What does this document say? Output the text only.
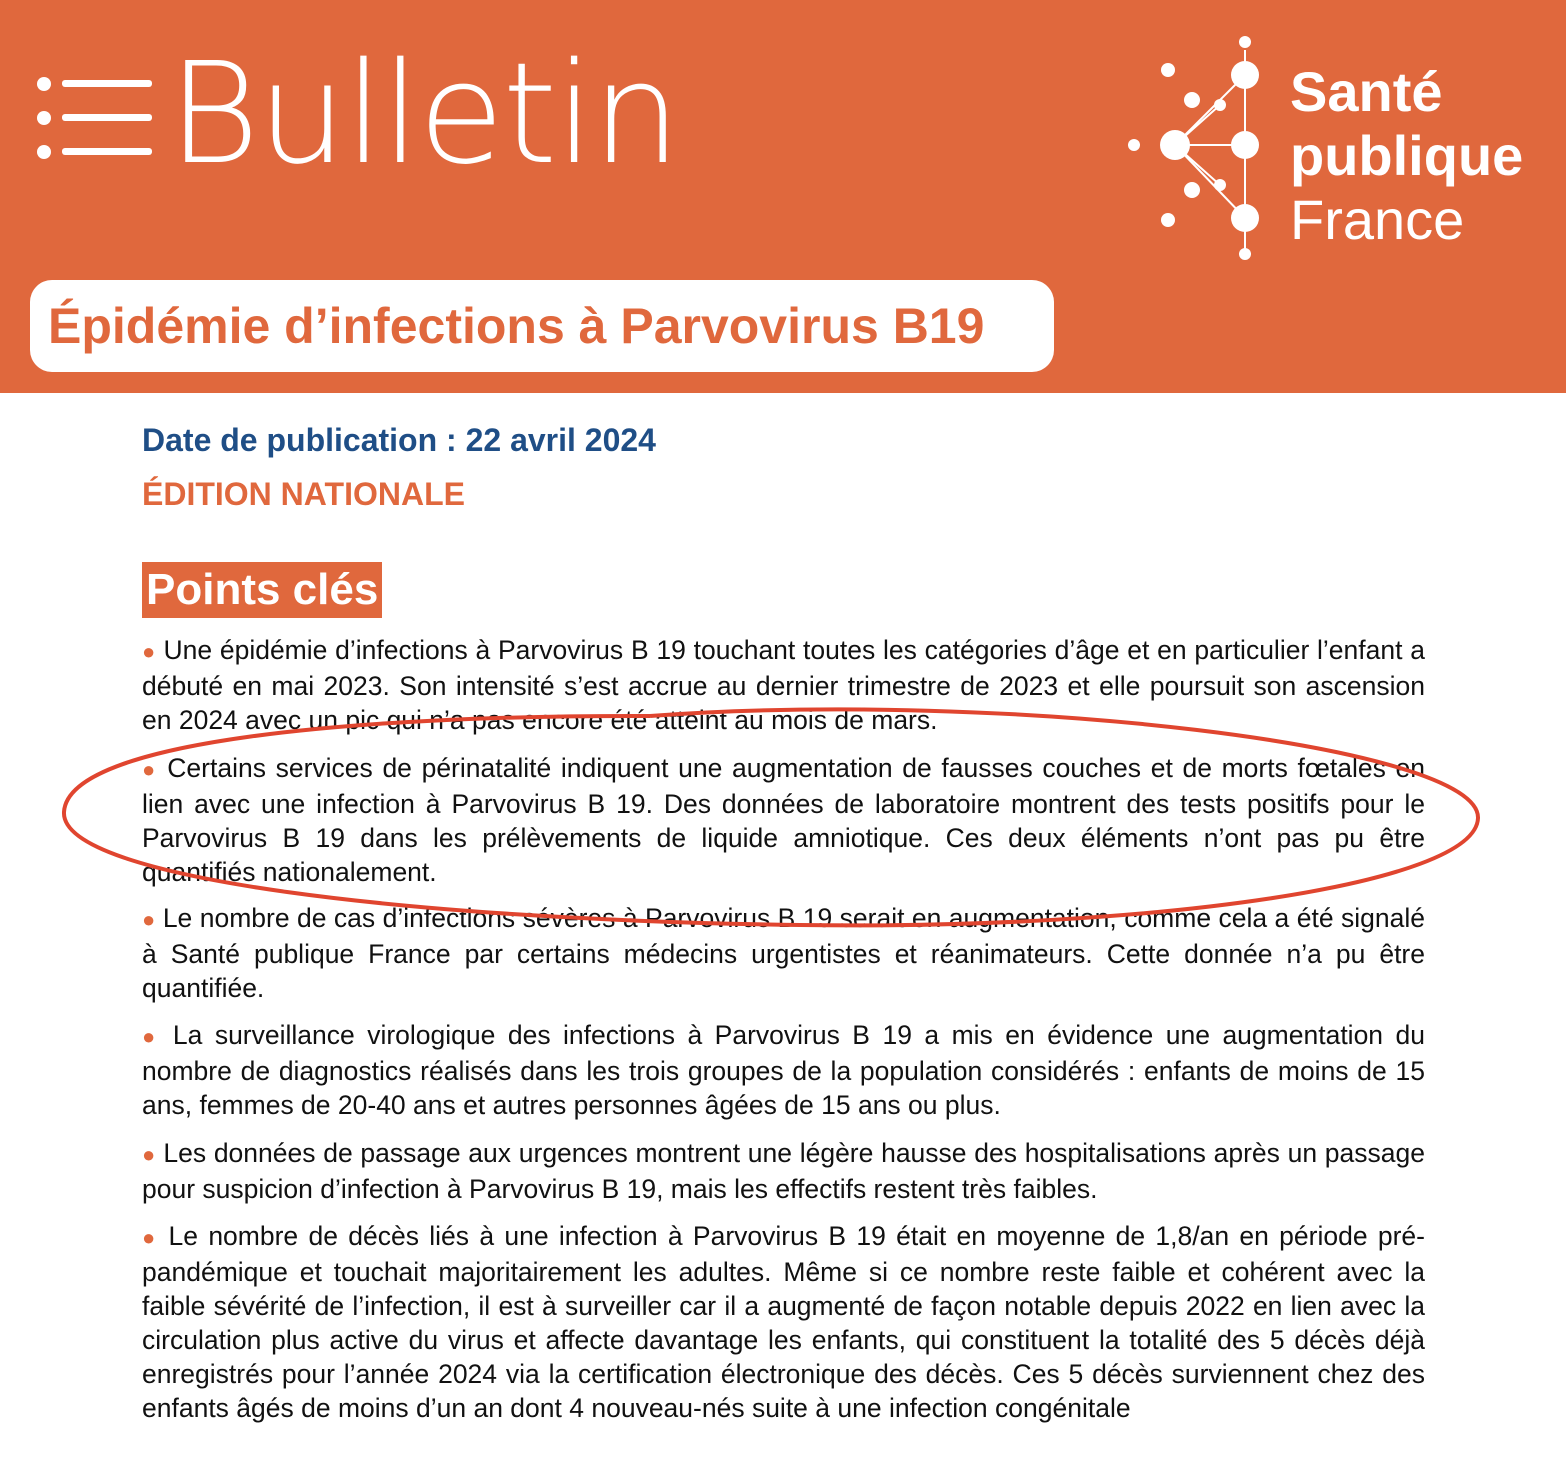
Bulletin	Santé
publique
France
Épidémie d’infections à Parvovirus B19
Date de publication : 22 avril 2024
ÉDITION NATIONALE
Points clés

● Une épidémie d’infections à Parvovirus B 19 touchant toutes les catégories d’âge et en particulier l’enfant a débuté en mai 2023. Son intensité s’est accrue au dernier trimestre de 2023 et elle poursuit son ascension en 2024 avec un pic qui n’a pas encore été atteint au mois de mars.

● Certains services de périnatalité indiquent une augmentation de fausses couches et de morts fœtales en lien avec une infection à Parvovirus B 19. Des données de laboratoire montrent des tests positifs pour le Parvovirus B 19 dans les prélèvements de liquide amniotique. Ces deux éléments n’ont pas pu être quantifiés nationalement.

● Le nombre de cas d’infections sévères à Parvovirus B 19 serait en augmentation, comme cela a été signalé à Santé publique France par certains médecins urgentistes et réanimateurs. Cette donnée n’a pu être quantifiée.

● La surveillance virologique des infections à Parvovirus B 19 a mis en évidence une augmentation du nombre de diagnostics réalisés dans les trois groupes de la population considérés : enfants de moins de 15 ans, femmes de 20-40 ans et autres personnes âgées de 15 ans ou plus.

● Les données de passage aux urgences montrent une légère hausse des hospitalisations après un passage pour suspicion d’infection à Parvovirus B 19, mais les effectifs restent très faibles.

● Le nombre de décès liés à une infection à Parvovirus B 19 était en moyenne de 1,8/an en période pré-pandémique et touchait majoritairement les adultes. Même si ce nombre reste faible et cohérent avec la faible sévérité de l’infection, il est à surveiller car il a augmenté de façon notable depuis 2022 en lien avec la circulation plus active du virus et affecte davantage les enfants, qui constituent la totalité des 5 décès déjà enregistrés pour l’année 2024 via la certification électronique des décès. Ces 5 décès surviennent chez des enfants âgés de moins d’un an dont 4 nouveau-nés suite à une infection congénitale
